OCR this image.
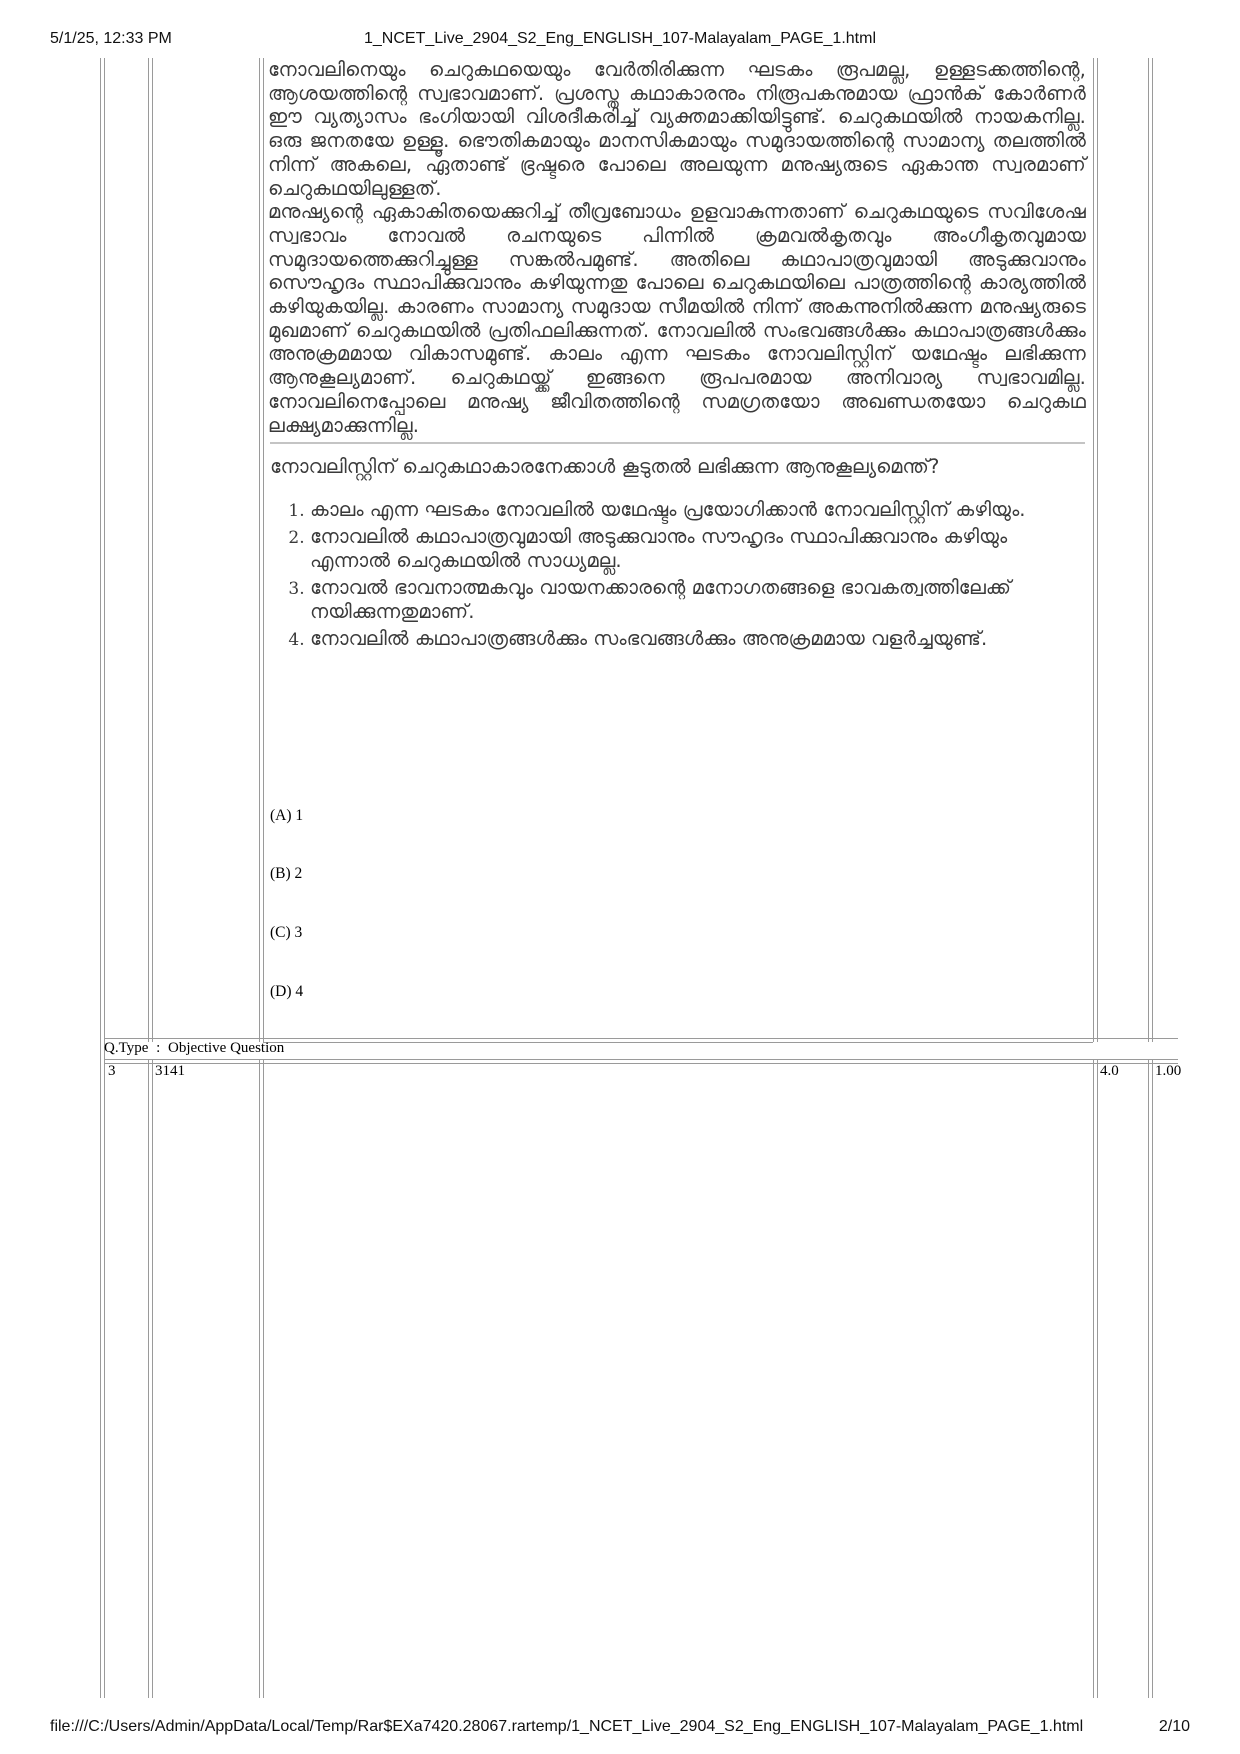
5/1/25, 12:33 PM	1_NCET_Live_2904_S2_Eng_ENGLISH_107-Malayalam_PAGE_1.html

നോവലിനെയും ചെറുകഥയെയും വേർതിരിക്കുന്ന ഘടകം രൂപമല്ല, ഉള്ളടക്കത്തിന്റെ, ആശയത്തിന്റെ സ്വഭാവമാണ്. പ്രശസ്ത കഥാകാരനും നിരൂപകനുമായ ഫ്രാൻക് കോർണർ ഈ വ്യത്യാസം ഭംഗിയായി വിശദീകരിച്ച് വ്യക്തമാക്കിയിട്ടുണ്ട്. ചെറുകഥയിൽ നായകനില്ല. ഒരു ജനതയേ ഉള്ളൂ. ഭൌതികമായും മാനസികമായും സമുദായത്തിന്റെ സാമാന്യ തലത്തിൽ നിന്ന് അകലെ, ഏതാണ്ട് ഭ്രഷ്ടരെ പോലെ അലയുന്ന മനുഷ്യരുടെ ഏകാന്ത സ്വരമാണ് ചെറുകഥയിലുള്ളത്.

മനുഷ്യന്റെ ഏകാകിതയെക്കുറിച്ച് തീവ്രബോധം ഉളവാകുന്നതാണ് ചെറുകഥയുടെ സവിശേഷ സ്വഭാവം നോവൽ രചനയുടെ പിന്നിൽ ക്രമവൽകൃതവും അംഗീകൃതവുമായ സമുദായത്തെക്കുറിച്ചുള്ള സങ്കൽപമുണ്ട്. അതിലെ കഥാപാത്രവുമായി അടുക്കുവാനും സൌഹൃദം സ്ഥാപിക്കുവാനും കഴിയുന്നതു പോലെ ചെറുകഥയിലെ പാത്രത്തിന്റെ കാര്യത്തിൽ കഴിയുകയില്ല. കാരണം സാമാന്യ സമുദായ സീമയിൽ നിന്ന് അകന്നുനിൽക്കുന്ന മനുഷ്യരുടെ മുഖമാണ് ചെറുകഥയിൽ പ്രതിഫലിക്കുന്നത്. നോവലിൽ സംഭവങ്ങൾക്കും കഥാപാത്രങ്ങൾക്കും അനുക്രമമായ വികാസമുണ്ട്. കാലം എന്ന ഘടകം നോവലിസ്റ്റിന് യഥേഷ്ടം ലഭിക്കുന്ന ആനുകൂല്യമാണ്. ചെറുകഥയ്ക്ക് ഇങ്ങനെ രൂപപരമായ അനിവാര്യ സ്വഭാവമില്ല. നോവലിനെപ്പോലെ മനുഷ്യ ജീവിതത്തിന്റെ സമഗ്രതയോ അഖണ്ഡതയോ ചെറുകഥ ലക്ഷ്യമാക്കുന്നില്ല.

നോവലിസ്റ്റിന് ചെറുകഥാകാരനേക്കാൾ കൂടുതൽ ലഭിക്കുന്ന ആനുകൂല്യമെന്ത്?
1. കാലം എന്ന ഘടകം നോവലിൽ യഥേഷ്ടം പ്രയോഗിക്കാൻ നോവലിസ്റ്റിന് കഴിയും.
2. നോവലിൽ കഥാപാത്രവുമായി അടുക്കുവാനും സൗഹൃദം സ്ഥാപിക്കുവാനും കഴിയും എന്നാൽ ചെറുകഥയിൽ സാധ്യമല്ല.
3. നോവൽ ഭാവനാത്മകവും വായനക്കാരന്റെ മനോഗതങ്ങളെ ഭാവകത്വത്തിലേക്ക് നയിക്കുന്നതുമാണ്.
4. നോവലിൽ കഥാപാത്രങ്ങൾക്കും സംഭവങ്ങൾക്കും അനുക്രമമായ വളർച്ചയുണ്ട്.
(A) 1
(B) 2
(C) 3
(D) 4
Q.Type : Objective Question
3	3141	4.0 1.00
file:///C:/Users/Admin/AppData/Local/Temp/Rar$EXa7420.28067.rartemp/1_NCET_Live_2904_S2_Eng_ENGLISH_107-Malayalam_PAGE_1.html	2/10
